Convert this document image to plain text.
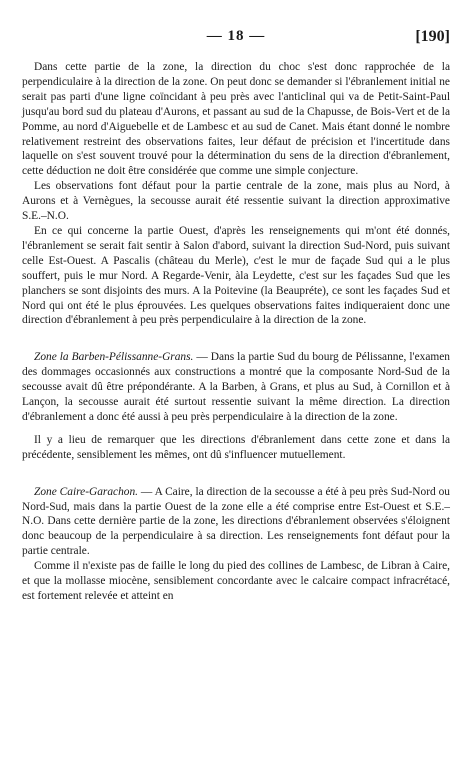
— 18 —	[190]

Dans cette partie de la zone, la direction du choc s'est donc rapprochée de la perpendiculaire à la direction de la zone. On peut donc se demander si l'ébranlement initial ne serait pas parti d'une ligne coïncidant à peu près avec l'anticlinal qui va de Petit-Saint-Paul jusqu'au bord sud du plateau d'Aurons, et passant au sud de la Chapusse, de Bois-Vert et de la Pomme, au nord d'Aiguebelle et de Lambesc et au sud de Canet. Mais étant donné le nombre relativement restreint des observations faites, leur défaut de précision et l'incertitude dans laquelle on s'est souvent trouvé pour la détermination du sens de la direction d'ébranlement, cette déduction ne doit être considérée que comme une simple conjecture.

Les observations font défaut pour la partie centrale de la zone, mais plus au Nord, à Aurons et à Vernègues, la secousse aurait été ressentie suivant la direction approximative S.E.–N.O.

En ce qui concerne la partie Ouest, d'après les renseignements qui m'ont été donnés, l'ébranlement se serait fait sentir à Salon d'abord, suivant la direction Sud-Nord, puis suivant celle Est-Ouest. A Pascalis (château du Merle), c'est le mur de façade Sud qui a le plus souffert, puis le mur Nord. A Regarde-Venir, àla Leydette, c'est sur les façades Sud que les planchers se sont disjoints des murs. A la Poitevine (la Beaupréte), ce sont les façades Sud et Nord qui ont été le plus éprouvées. Les quelques observations faites indiqueraient donc une direction d'ébranlement à peu près perpendiculaire à la direction de la zone.

Zone la Barben-Pélissanne-Grans. — Dans la partie Sud du bourg de Pélissanne, l'examen des dommages occasionnés aux constructions a montré que la composante Nord-Sud de la secousse avait dû être prépondérante. A la Barben, à Grans, et plus au Sud, à Cornillon et à Lançon, la secousse aurait été surtout ressentie suivant la même direction. La direction d'ébranlement a donc été aussi à peu près perpendiculaire à la direction de la zone.

Il y a lieu de remarquer que les directions d'ébranlement dans cette zone et dans la précédente, sensiblement les mêmes, ont dû s'influencer mutuellement.

Zone Caire-Garachon. — A Caire, la direction de la secousse a été à peu près Sud-Nord ou Nord-Sud, mais dans la partie Ouest de la zone elle a été comprise entre Est-Ouest et S.E.–N.O. Dans cette dernière partie de la zone, les directions d'ébranlement observées s'éloignent donc beaucoup de la perpendiculaire à sa direction. Les renseignements font défaut pour la partie centrale.

Comme il n'existe pas de faille le long du pied des collines de Lambesc, de Libran à Caire, et que la mollasse miocène, sensiblement concordante avec le calcaire compact infracrétacé, est fortement relevée et atteint en
